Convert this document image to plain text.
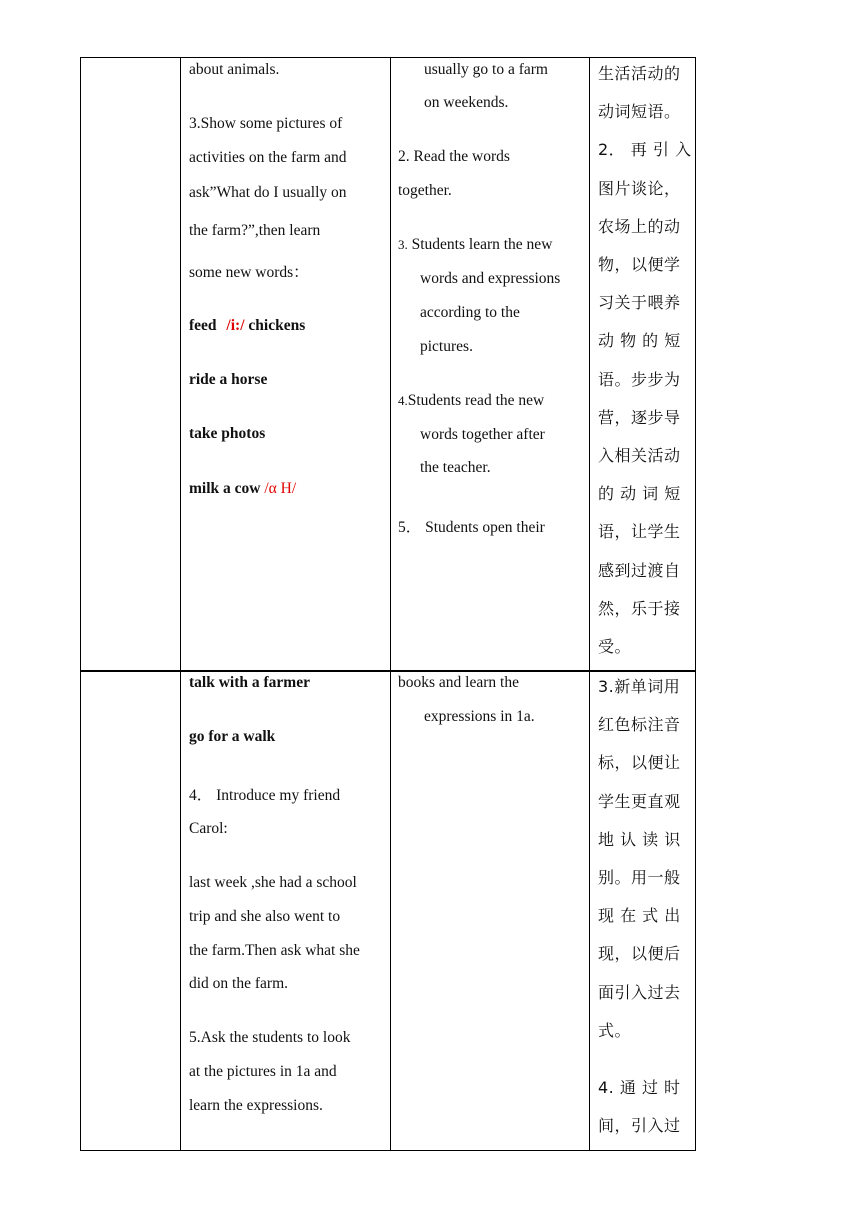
about animals.

3.Show some pictures of

activities on the farm and

ask”What do I usually on

the farm?”,then learn

some new words：

feed /i:/ chickens

ride a horse

take photos

milk a cow /α H/

usually go to a farm

on weekends.

2. Read the words

together.

3. Students learn the new

words and expressions

according to the

pictures.

4.Students read the new

words together after

the teacher.

5． Students open their

生活活动的

动词短语。

2． 再 引 入

图片谈论，

农场上的动

物，以便学

习关于喂养

动 物 的 短

语。步步为

营，逐步导

入相关活动

的 动 词 短

语，让学生

感到过渡自

然，乐于接

受。

talk with a farmer

go for a walk

4． Introduce my friend

Carol:

last week ,she had a school

trip and she also went to

the farm.Then ask what she

did on the farm.

5.Ask the students to look

at the pictures in 1a and

learn the expressions.

books and learn the

expressions in 1a.

3.新单词用

红色标注音

标，以便让

学生更直观

地 认 读 识

别。用一般

现 在 式 出

现，以便后

面引入过去

式。

4. 通 过 时

间，引入过
